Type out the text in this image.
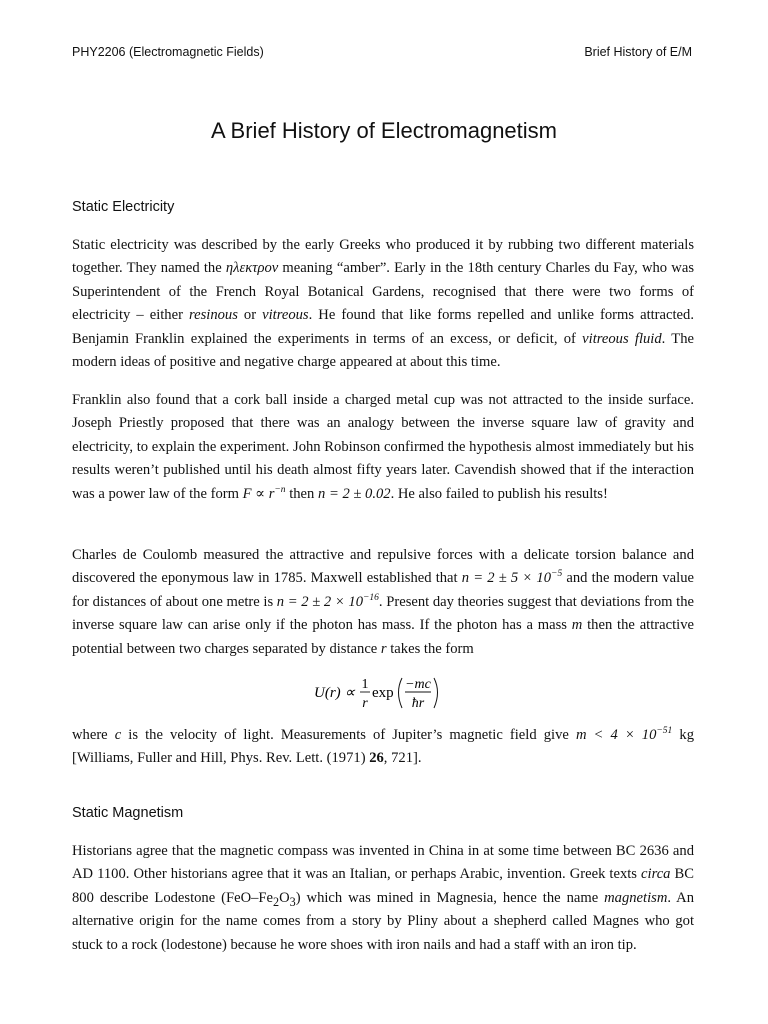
PHY2206 (Electromagnetic Fields)	Brief History of E/M
A Brief History of Electromagnetism
Static Electricity

Static electricity was described by the early Greeks who produced it by rubbing two different materials together. They named the ηλεκτρον meaning “amber”. Early in the 18th century Charles du Fay, who was Superintendent of the French Royal Botanical Gardens, recognised that there were two forms of electricity – either resinous or vitreous. He found that like forms repelled and unlike forms attracted. Benjamin Franklin explained the experiments in terms of an excess, or deficit, of vitreous fluid. The modern ideas of positive and negative charge appeared at about this time.

Franklin also found that a cork ball inside a charged metal cup was not attracted to the inside surface. Joseph Priestly proposed that there was an analogy between the inverse square law of gravity and electricity, to explain the experiment. John Robinson confirmed the hypothesis almost immediately but his results weren’t published until his death almost fifty years later. Cavendish showed that if the interaction was a power law of the form $F \propto r^{-n}$ then n = 2 ± 0.02. He also failed to publish his results!

Charles de Coulomb measured the attractive and repulsive forces with a delicate torsion balance and discovered the eponymous law in 1785. Maxwell established that $n = 2 \pm 5 \times 10^{-5}$ and the modern value for distances of about one metre is $n = 2 \pm 2 \times 10^{-16}$. Present day theories suggest that deviations from the inverse square law can arise only if the photon has mass. If the photon has a mass m then the attractive potential between two charges separated by distance r takes the form

U(r) ∝
1
r
exp
−mc
ħr

where c is the velocity of light. Measurements of Jupiter’s magnetic field give $m < 4 \times 10^{-51}$ kg [Williams, Fuller and Hill, Phys. Rev. Lett. (1971) 26, 721].

Static Magnetism

Historians agree that the magnetic compass was invented in China in at some time between BC 2636 and AD 1100. Other historians agree that it was an Italian, or perhaps Arabic, invention. Greek texts circa BC 800 describe Lodestone $(FeO-Fe_2O_3)$ which was mined in Magnesia, hence the name magnetism. An alternative origin for the name comes from a story by Pliny about a shepherd called Magnes who got stuck to a rock (lodestone) because he wore shoes with iron nails and had a staff with an iron tip.
